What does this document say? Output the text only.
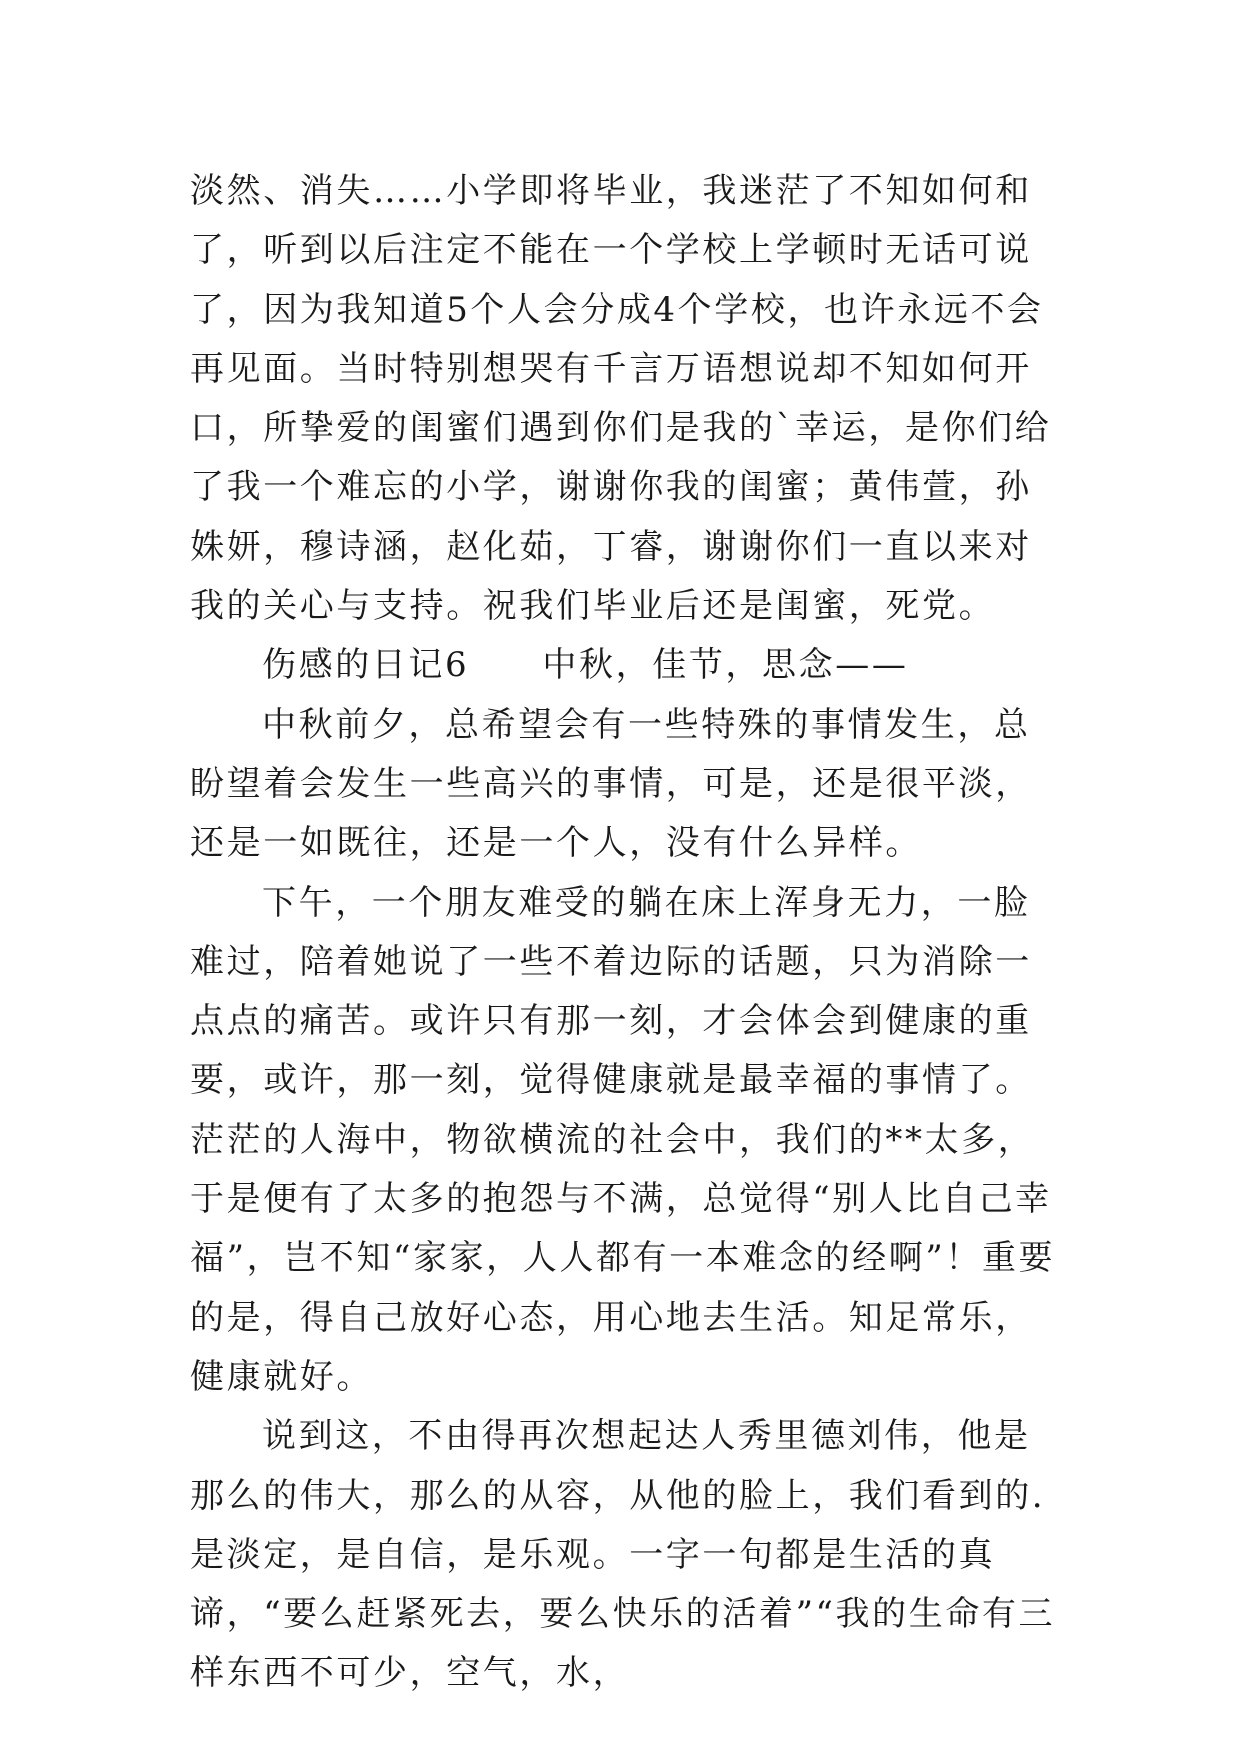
淡然、消失……小学即将毕业，我迷茫了不知如何和了，听到以后注定不能在一个学校上学顿时无话可说了，因为我知道5个人会分成4个学校，也许永远不会再见面。当时特别想哭有千言万语想说却不知如何开口，所挚爱的闺蜜们遇到你们是我的`幸运，是你们给了我一个难忘的小学，谢谢你我的闺蜜；黄伟萱，孙姝妍，穆诗涵，赵化茹，丁睿，谢谢你们一直以来对我的关心与支持。祝我们毕业后还是闺蜜，死党。

伤感的日记6　　中秋，佳节，思念——

中秋前夕，总希望会有一些特殊的事情发生，总盼望着会发生一些高兴的事情，可是，还是很平淡，还是一如既往，还是一个人，没有什么异样。

下午，一个朋友难受的躺在床上浑身无力，一脸难过，陪着她说了一些不着边际的话题，只为消除一点点的痛苦。或许只有那一刻，才会体会到健康的重要，或许，那一刻，觉得健康就是最幸福的事情了。茫茫的人海中，物欲横流的社会中，我们的**太多，于是便有了太多的抱怨与不满，总觉得“别人比自己幸福”，岂不知“家家，人人都有一本难念的经啊”！重要的是，得自己放好心态，用心地去生活。知足常乐，健康就好。

说到这，不由得再次想起达人秀里德刘伟，他是那么的伟大，那么的从容，从他的脸上，我们看到的.是淡定，是自信，是乐观。一字一句都是生活的真谛，“要么赶紧死去，要么快乐的活着”“我的生命有三样东西不可少，空气，水，
